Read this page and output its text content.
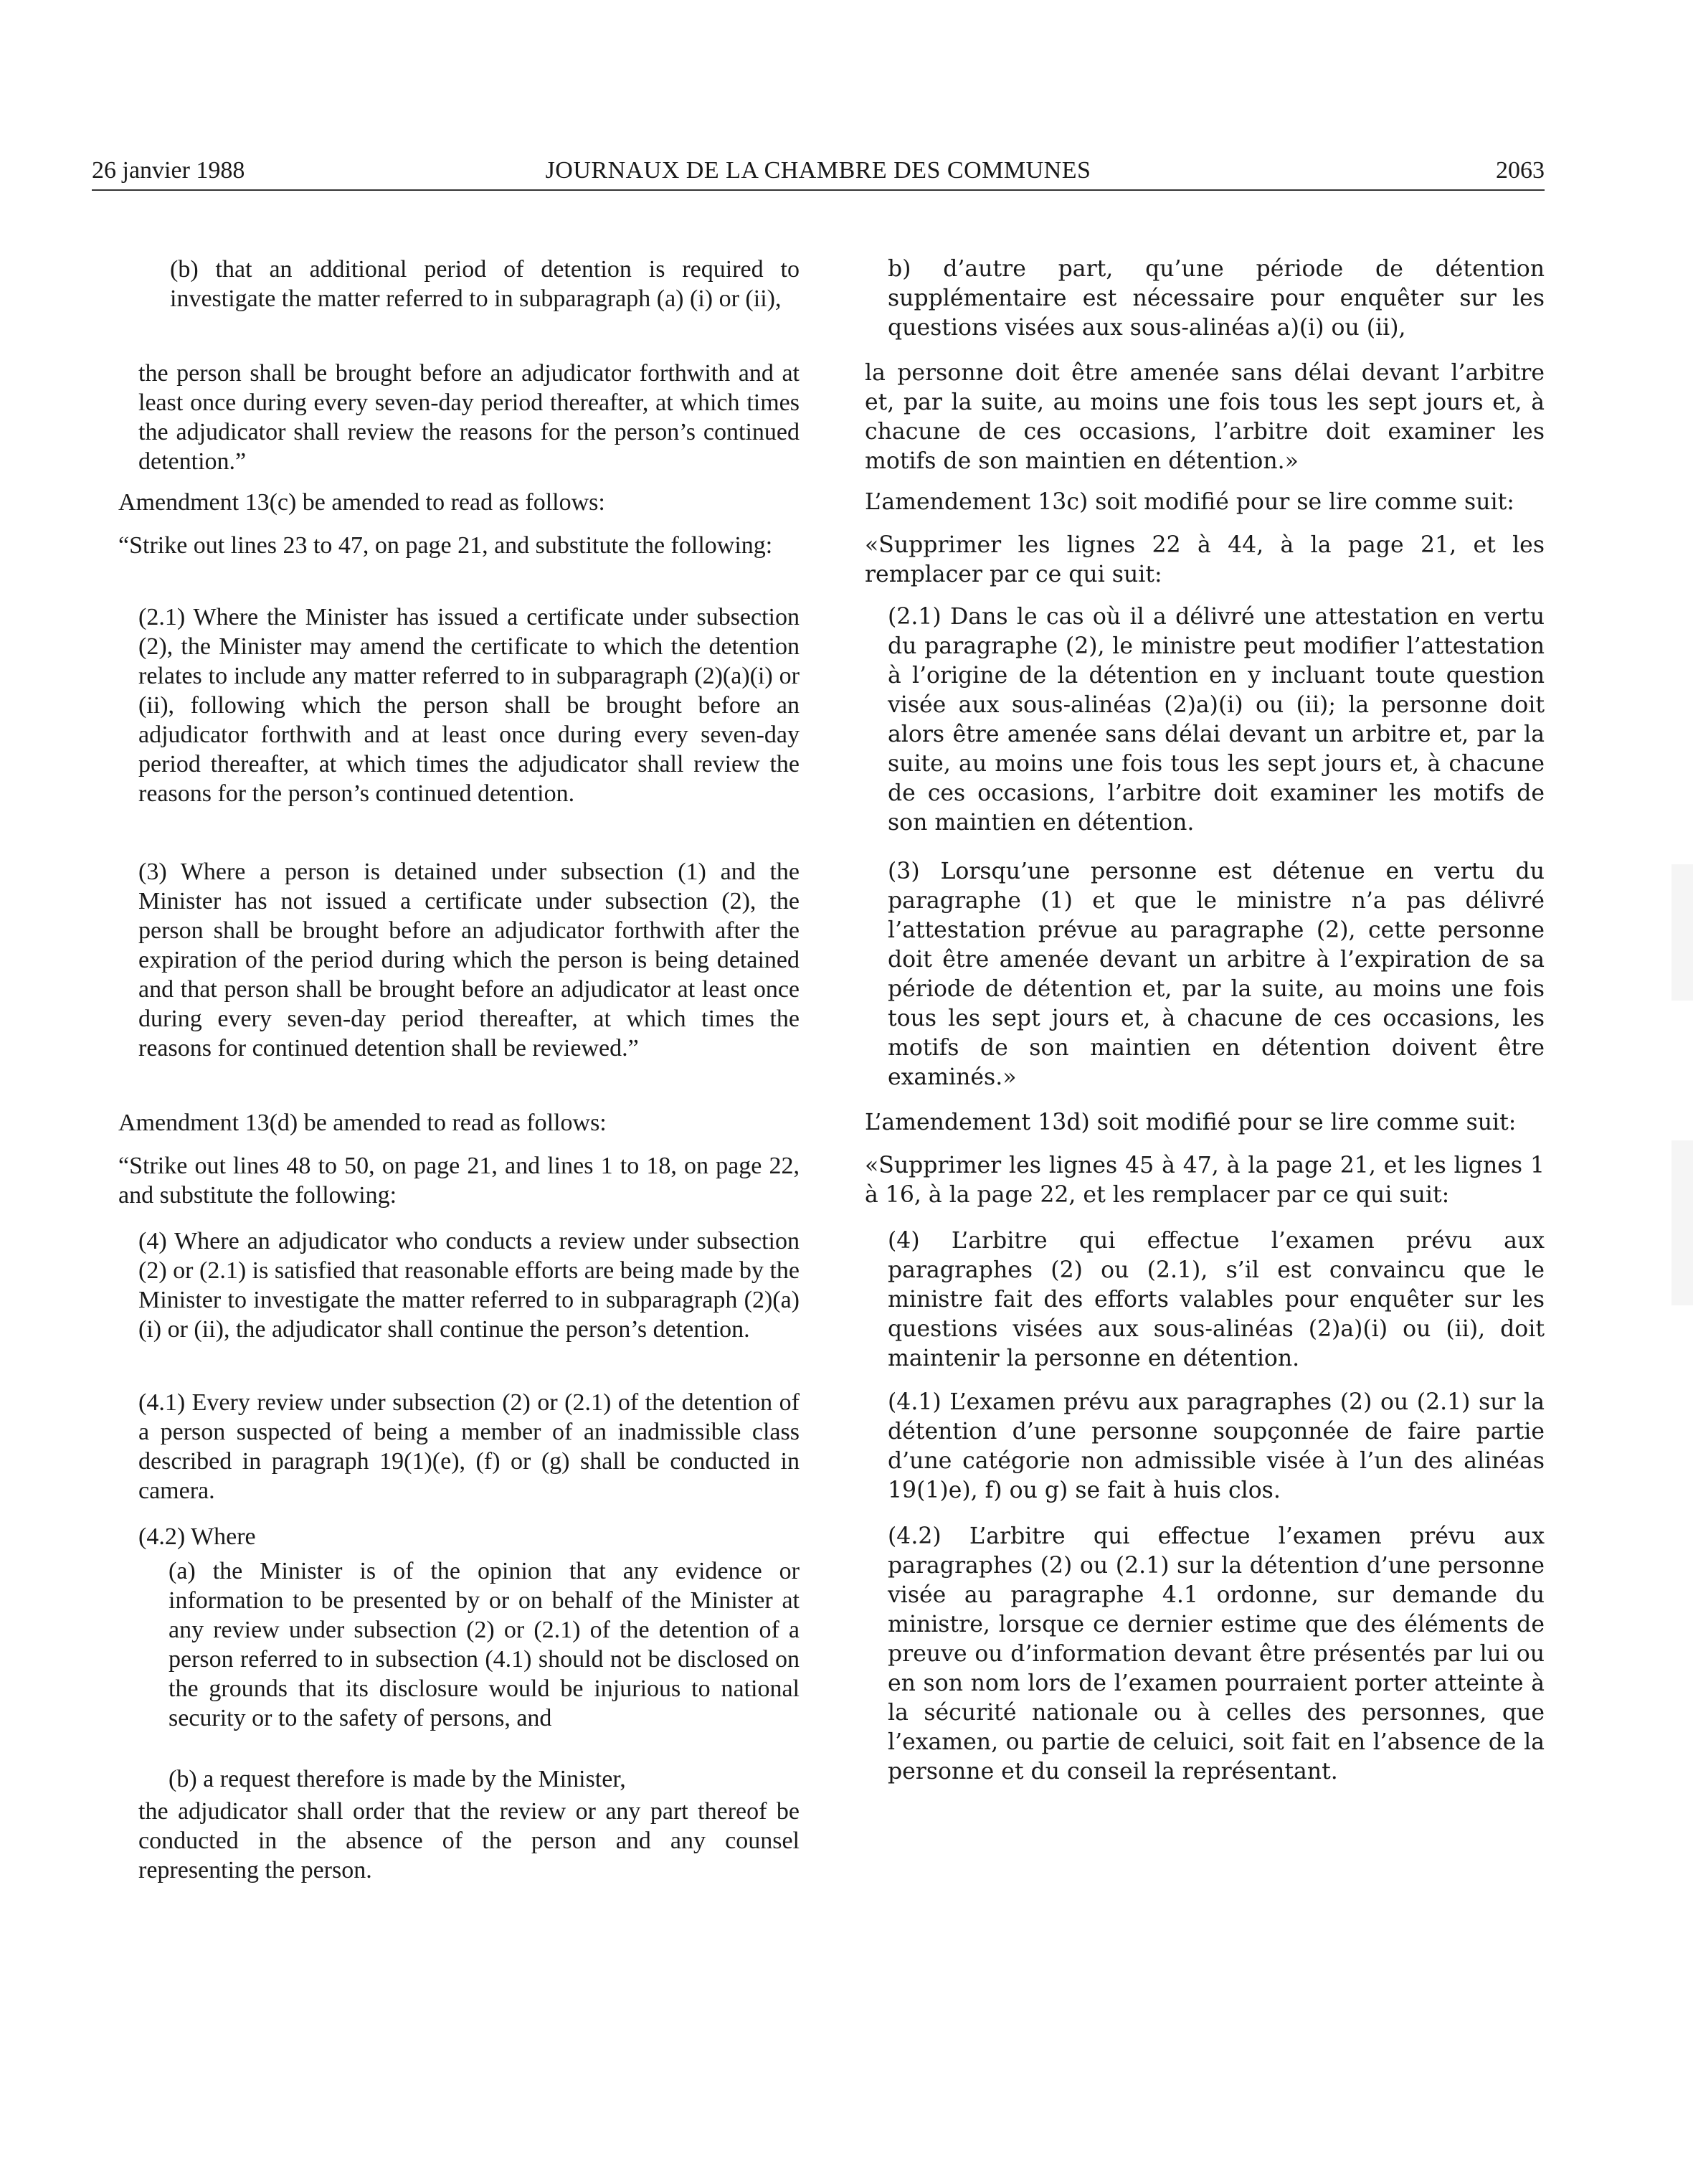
26 janvier 1988	JOURNAUX DE LA CHAMBRE DES COMMUNES	2063

(b) that an additional period of detention is required to investigate the matter referred to in subparagraph (a) (i) or (ii),

the person shall be brought before an adjudicator forthwith and at least once during every seven-day period thereafter, at which times the adjudicator shall review the reasons for the person’s continued detention.”

Amendment 13(c) be amended to read as follows:

“Strike out lines 23 to 47, on page 21, and substitute the following:

(2.1) Where the Minister has issued a certificate under subsection (2), the Minister may amend the certificate to which the detention relates to include any matter referred to in subparagraph (2)(a)(i) or (ii), following which the person shall be brought before an adjudicator forthwith and at least once during every seven-day period thereafter, at which times the adjudicator shall review the reasons for the person’s continued detention.

(3) Where a person is detained under subsection (1) and the Minister has not issued a certificate under subsection (2), the person shall be brought before an adjudicator forthwith after the expiration of the period during which the person is being detained and that person shall be brought before an adjudicator at least once during every seven-day period thereafter, at which times the reasons for continued detention shall be reviewed.”

Amendment 13(d) be amended to read as follows:

“Strike out lines 48 to 50, on page 21, and lines 1 to 18, on page 22, and substitute the following:

(4) Where an adjudicator who conducts a review under subsection (2) or (2.1) is satisfied that reasonable efforts are being made by the Minister to investigate the matter referred to in subparagraph (2)(a)(i) or (ii), the adjudicator shall continue the person’s detention.

(4.1) Every review under subsection (2) or (2.1) of the detention of a person suspected of being a member of an inadmissible class described in paragraph 19(1)(e), (f) or (g) shall be conducted in camera.

(4.2) Where

(a) the Minister is of the opinion that any evidence or information to be presented by or on behalf of the Minister at any review under subsection (2) or (2.1) of the detention of a person referred to in subsection (4.1) should not be disclosed on the grounds that its disclosure would be injurious to national security or to the safety of persons, and

(b) a request therefore is made by the Minister,

the adjudicator shall order that the review or any part thereof be conducted in the absence of the person and any counsel representing the person.

b) d’autre part, qu’une période de détention supplémentaire est nécessaire pour enquêter sur les questions visées aux sous-alinéas a)(i) ou (ii),

la personne doit être amenée sans délai devant l’arbitre et, par la suite, au moins une fois tous les sept jours et, à chacune de ces occasions, l’arbitre doit examiner les motifs de son maintien en détention.»

L’amendement 13c) soit modifié pour se lire comme suit:

«Supprimer les lignes 22 à 44, à la page 21, et les remplacer par ce qui suit:

(2.1) Dans le cas où il a délivré une attestation en vertu du paragraphe (2), le ministre peut modifier l’attestation à l’origine de la détention en y incluant toute question visée aux sous-alinéas (2)a)(i) ou (ii); la personne doit alors être amenée sans délai devant un arbitre et, par la suite, au moins une fois tous les sept jours et, à chacune de ces occasions, l’arbitre doit examiner les motifs de son maintien en détention.

(3) Lorsqu’une personne est détenue en vertu du paragraphe (1) et que le ministre n’a pas délivré l’attestation prévue au paragraphe (2), cette personne doit être amenée devant un arbitre à l’expiration de sa période de détention et, par la suite, au moins une fois tous les sept jours et, à chacune de ces occasions, les motifs de son maintien en détention doivent être examinés.»

L’amendement 13d) soit modifié pour se lire comme suit:

«Supprimer les lignes 45 à 47, à la page 21, et les lignes 1 à 16, à la page 22, et les remplacer par ce qui suit:

(4) L’arbitre qui effectue l’examen prévu aux paragraphes (2) ou (2.1), s’il est convaincu que le ministre fait des efforts valables pour enquêter sur les questions visées aux sous-alinéas (2)a)(i) ou (ii), doit maintenir la personne en détention.

(4.1) L’examen prévu aux paragraphes (2) ou (2.1) sur la détention d’une personne soupçonnée de faire partie d’une catégorie non admissible visée à l’un des alinéas 19(1)e), f) ou g) se fait à huis clos.

(4.2) L’arbitre qui effectue l’examen prévu aux paragraphes (2) ou (2.1) sur la détention d’une personne visée au paragraphe 4.1 ordonne, sur demande du ministre, lorsque ce dernier estime que des éléments de preuve ou d’information devant être présentés par lui ou en son nom lors de l’examen pourraient porter atteinte à la sécurité nationale ou à celles des personnes, que l’examen, ou partie de celuici, soit fait en l’absence de la personne et du conseil la représentant.
